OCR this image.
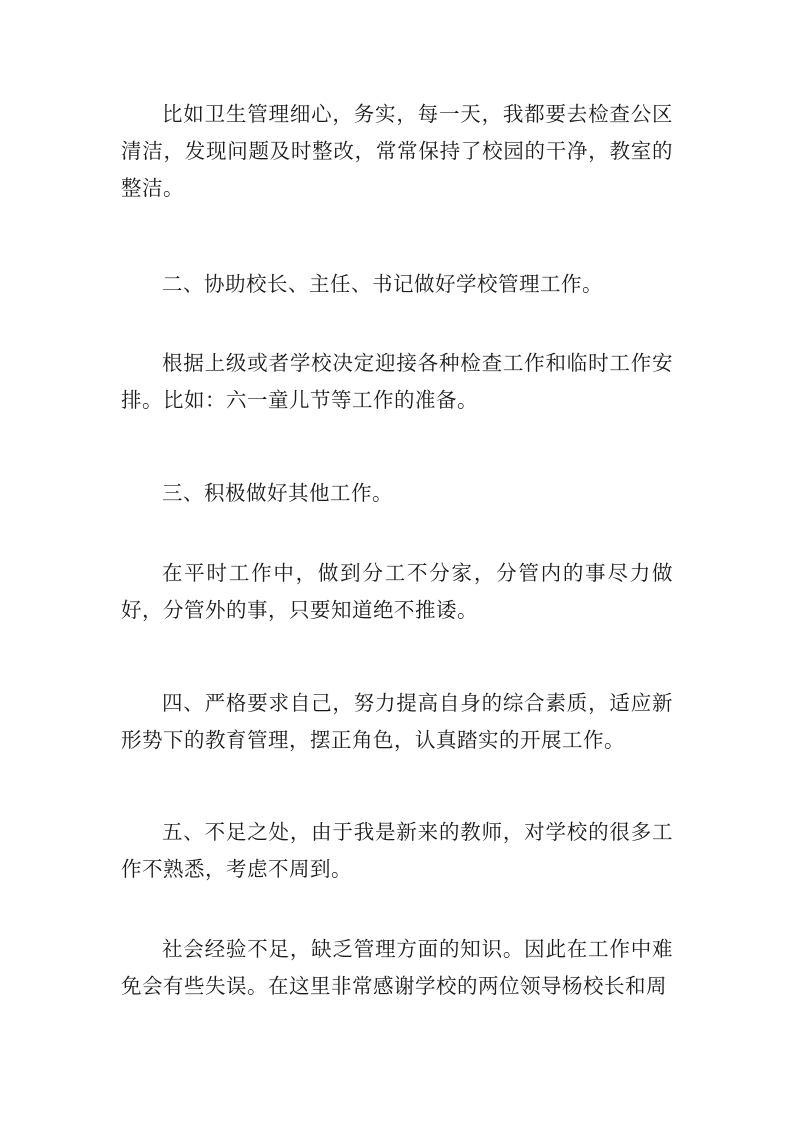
比如卫生管理细心，务实，每一天，我都要去检查公区清洁，发现问题及时整改，常常保持了校园的干净，教室的整洁。

二、协助校长、主任、书记做好学校管理工作。

根据上级或者学校决定迎接各种检查工作和临时工作安排。比如：六一童儿节等工作的准备。

三、积极做好其他工作。

在平时工作中，做到分工不分家，分管内的事尽力做好，分管外的事，只要知道绝不推诿。

四、严格要求自己，努力提高自身的综合素质，适应新形势下的教育管理，摆正角色，认真踏实的开展工作。

五、不足之处，由于我是新来的教师，对学校的很多工作不熟悉，考虑不周到。

社会经验不足，缺乏管理方面的知识。因此在工作中难免会有些失误。在这里非常感谢学校的两位领导杨校长和周
